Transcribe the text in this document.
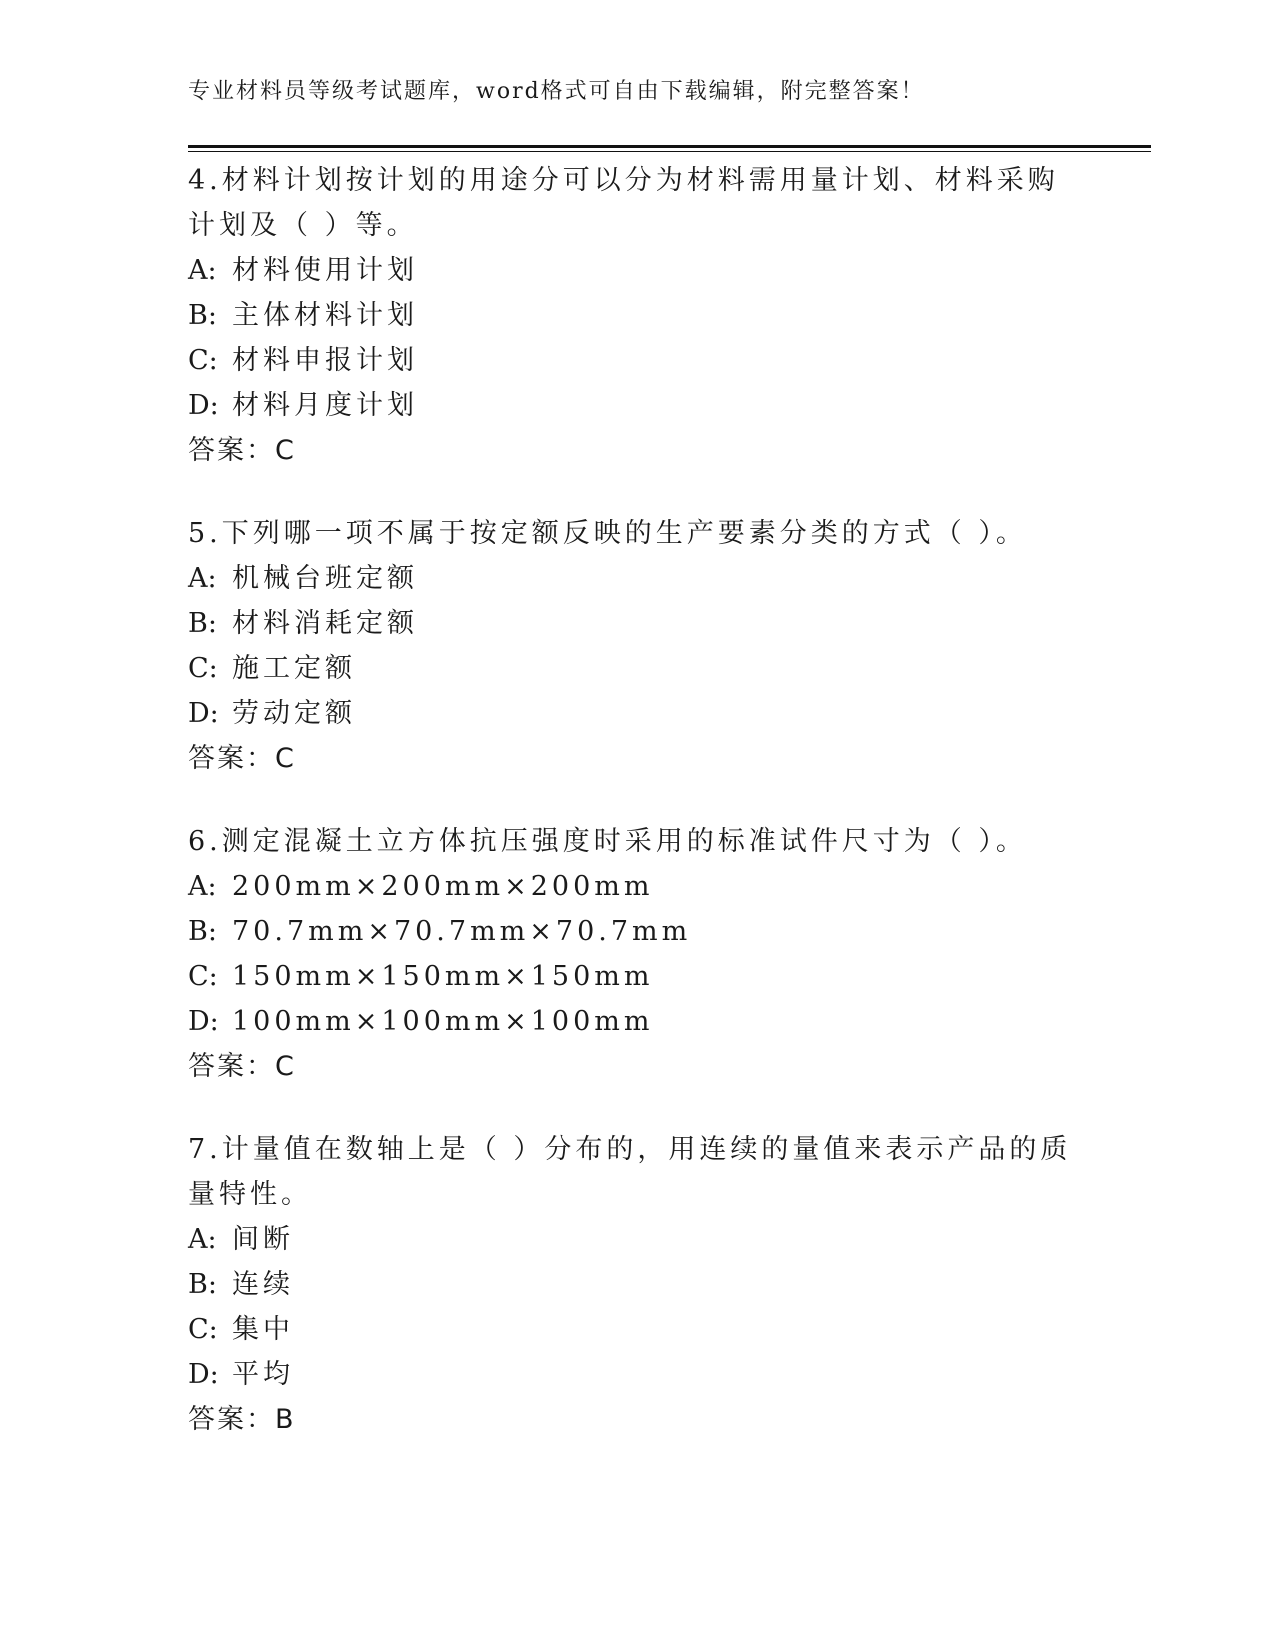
专业材料员等级考试题库，word格式可自由下载编辑，附完整答案！

4.材料计划按计划的用途分可以分为材料需用量计划、材料采购计划及（ ）等。

A: 材料使用计划

B: 主体材料计划

C: 材料申报计划

D: 材料月度计划

答案：C

5.下列哪一项不属于按定额反映的生产要素分类的方式（ ）。

A: 机械台班定额

B: 材料消耗定额

C: 施工定额

D: 劳动定额

答案：C

6.测定混凝土立方体抗压强度时采用的标准试件尺寸为（ ）。

A: 200mm×200mm×200mm

B: 70.7mm×70.7mm×70.7mm

C: 150mm×150mm×150mm

D: 100mm×100mm×100mm

答案：C

7.计量值在数轴上是（ ）分布的，用连续的量值来表示产品的质量特性。

A: 间断

B: 连续

C: 集中

D: 平均

答案：B
